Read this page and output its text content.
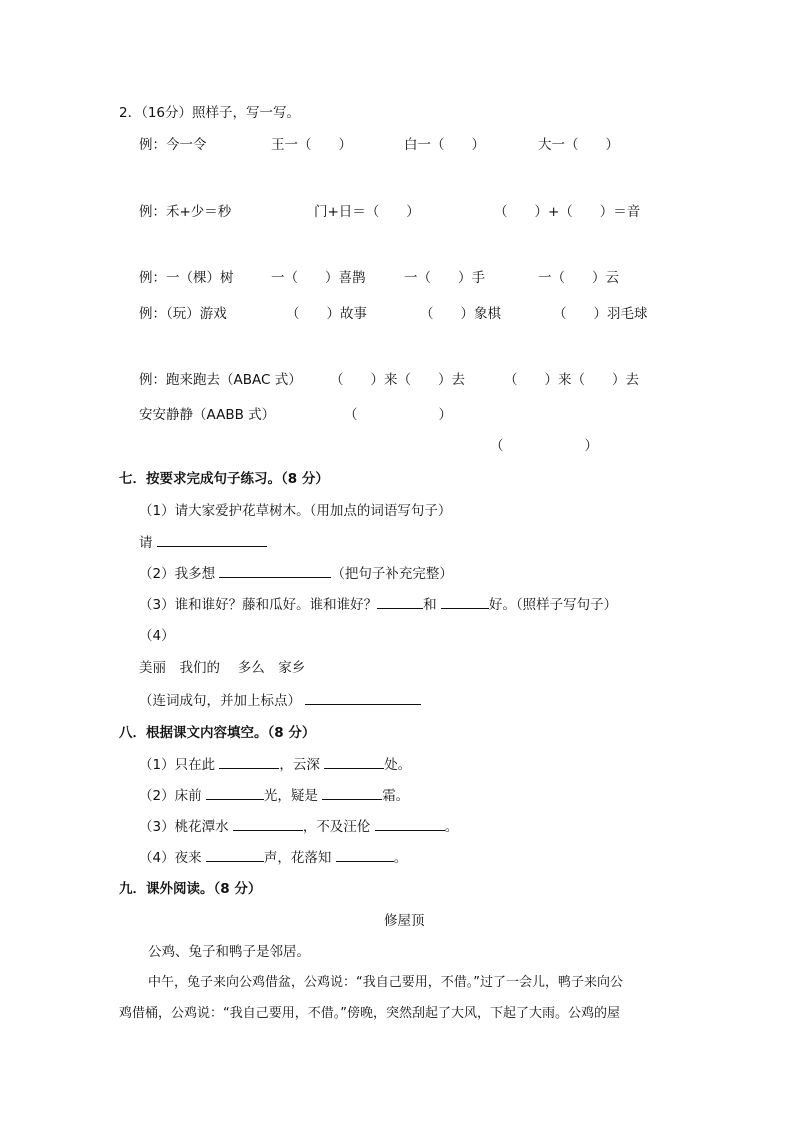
2．（16分）照样子，写一写。
例：今一令	王一（　　）	白一（　　）	大一（　　）
例：禾+少＝秒	门+日＝（　　）	（　　）+（　　）＝音
例：一（棵）树	一（　　）喜鹊	一（　　）手	一（　　）云
例：（玩）游戏	（　　）故事	（　　）象棋	（　　）羽毛球
例：跑来跑去（ABAC 式） （　　）来（　　）去	（　　）来（　　）去
安安静静（AABB 式）	（　　　　　　）
（　　　　　　）
七．按要求完成句子练习。（8 分）
（1）请大家爱护花草树木。（用加点的词语写句子）
请
（2）我多想	（把句子补充完整）
（3）谁和谁好？藤和瓜好。谁和谁好？	和	好。（照样子写句子）
（4）
美丽　我们的　 多么　家乡
（连词成句，并加上标点）
八．根据课文内容填空。（8 分）
（1）只在此	，云深	处。
（2）床前	光，疑是	霜。
（3）桃花潭水	，不及汪伦	。
（4）夜来	声，花落知	。
九．课外阅读。（8 分）
修屋顶
公鸡、兔子和鸭子是邻居。
中午，兔子来向公鸡借盆，公鸡说：“我自己要用，不借。”过了一会儿，鸭子来向公
鸡借桶，公鸡说：“我自己要用，不借。”傍晚，突然刮起了大风，下起了大雨。公鸡的屋
